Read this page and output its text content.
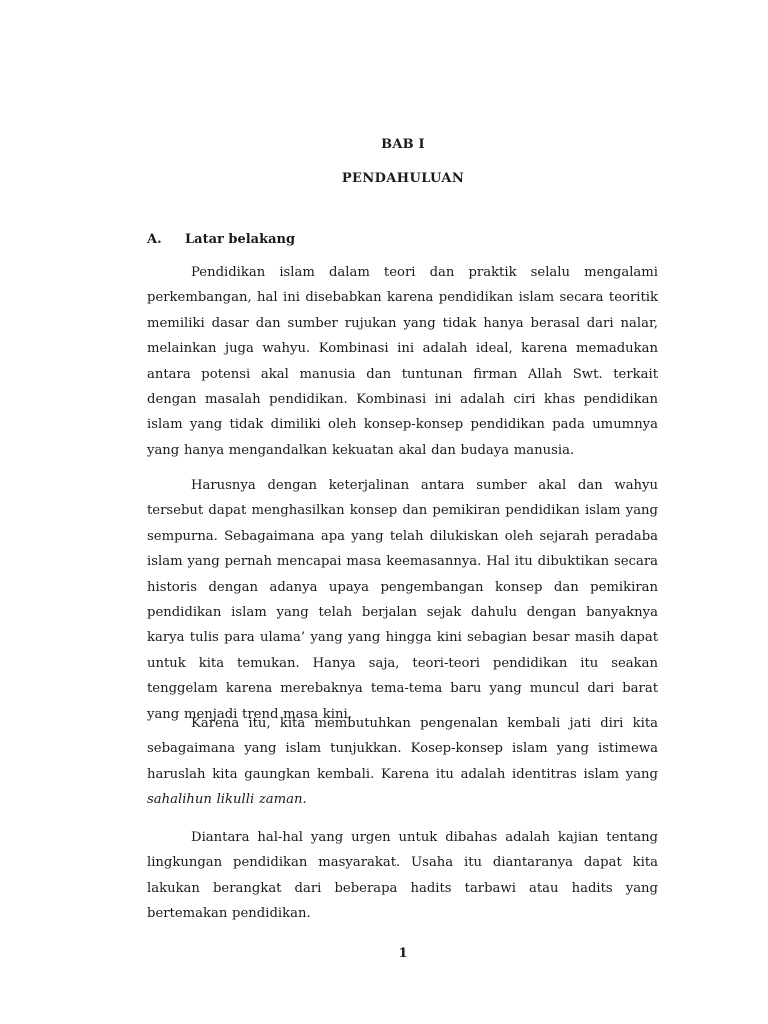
BAB I
PENDAHULUAN
A. Latar belakang

Pendidikan islam dalam teori dan praktik selalu mengalami perkembangan, hal ini disebabkan karena pendidikan islam secara teoritik memiliki dasar dan sumber rujukan yang tidak hanya berasal dari nalar, melainkan juga wahyu. Kombinasi ini adalah ideal, karena memadukan antara potensi akal manusia dan tuntunan firman Allah Swt. terkait dengan masalah pendidikan. Kombinasi ini adalah ciri khas pendidikan islam yang tidak dimiliki oleh konsep-konsep pendidikan pada umumnya yang hanya mengandalkan kekuatan akal dan budaya manusia.

Harusnya dengan keterjalinan antara sumber akal dan wahyu tersebut dapat menghasilkan konsep dan pemikiran pendidikan islam yang sempurna. Sebagaimana apa yang telah dilukiskan oleh sejarah peradaba islam yang pernah mencapai masa keemasannya. Hal itu dibuktikan secara historis dengan adanya upaya pengembangan konsep dan pemikiran pendidikan islam yang telah berjalan sejak dahulu dengan banyaknya karya tulis para ulama’ yang yang hingga kini sebagian besar masih dapat untuk kita temukan. Hanya saja, teori-teori pendidikan itu seakan tenggelam karena merebaknya tema-tema baru yang muncul dari barat yang menjadi trend masa kini.

Karena itu, kita membutuhkan pengenalan kembali jati diri kita sebagaimana yang islam tunjukkan. Kosep-konsep islam yang istimewa haruslah kita gaungkan kembali. Karena itu adalah identitras islam yang sahalihun likulli zaman.

Diantara hal-hal yang urgen untuk dibahas adalah kajian tentang lingkungan pendidikan masyarakat. Usaha itu diantaranya dapat kita lakukan berangkat dari beberapa hadits tarbawi atau hadits yang bertemakan pendidikan.

1
